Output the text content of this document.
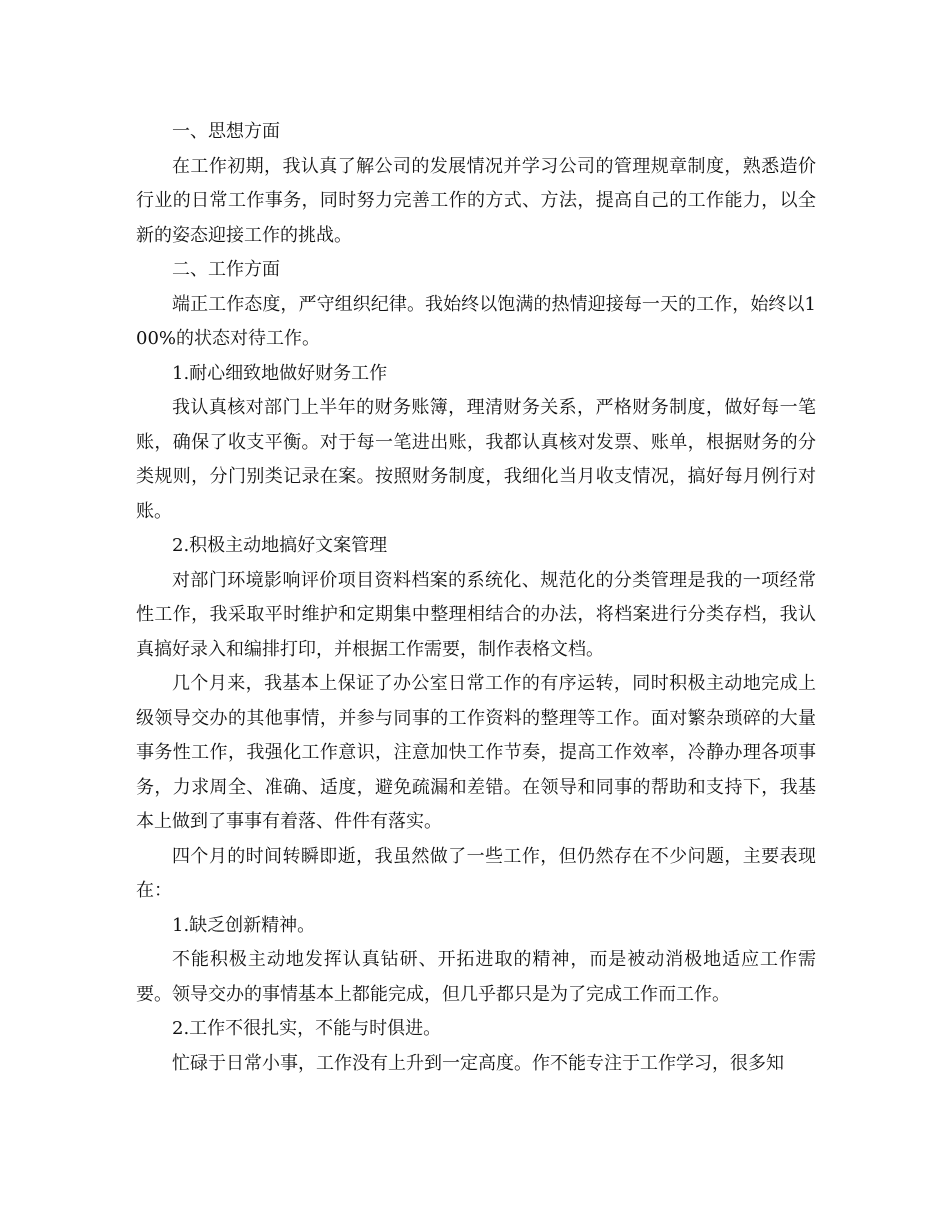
一、思想方面

在工作初期，我认真了解公司的发展情况并学习公司的管理规章制度，熟悉造价行业的日常工作事务，同时努力完善工作的方式、方法，提高自己的工作能力，以全新的姿态迎接工作的挑战。

二、工作方面

端正工作态度，严守组织纪律。我始终以饱满的热情迎接每一天的工作，始终以100%的状态对待工作。

1.耐心细致地做好财务工作

我认真核对部门上半年的财务账簿，理清财务关系，严格财务制度，做好每一笔账，确保了收支平衡。对于每一笔进出账，我都认真核对发票、账单，根据财务的分类规则，分门别类记录在案。按照财务制度，我细化当月收支情况，搞好每月例行对账。

2.积极主动地搞好文案管理

对部门环境影响评价项目资料档案的系统化、规范化的分类管理是我的一项经常性工作，我采取平时维护和定期集中整理相结合的办法，将档案进行分类存档，我认真搞好录入和编排打印，并根据工作需要，制作表格文档。

几个月来，我基本上保证了办公室日常工作的有序运转，同时积极主动地完成上级领导交办的其他事情，并参与同事的工作资料的整理等工作。面对繁杂琐碎的大量事务性工作，我强化工作意识，注意加快工作节奏，提高工作效率，冷静办理各项事务，力求周全、准确、适度，避免疏漏和差错。在领导和同事的帮助和支持下，我基本上做到了事事有着落、件件有落实。

四个月的时间转瞬即逝，我虽然做了一些工作，但仍然存在不少问题，主要表现在：

1.缺乏创新精神。

不能积极主动地发挥认真钻研、开拓进取的精神，而是被动消极地适应工作需要。领导交办的事情基本上都能完成，但几乎都只是为了完成工作而工作。

2.工作不很扎实，不能与时俱进。

忙碌于日常小事，工作没有上升到一定高度。作不能专注于工作学习，很多知
